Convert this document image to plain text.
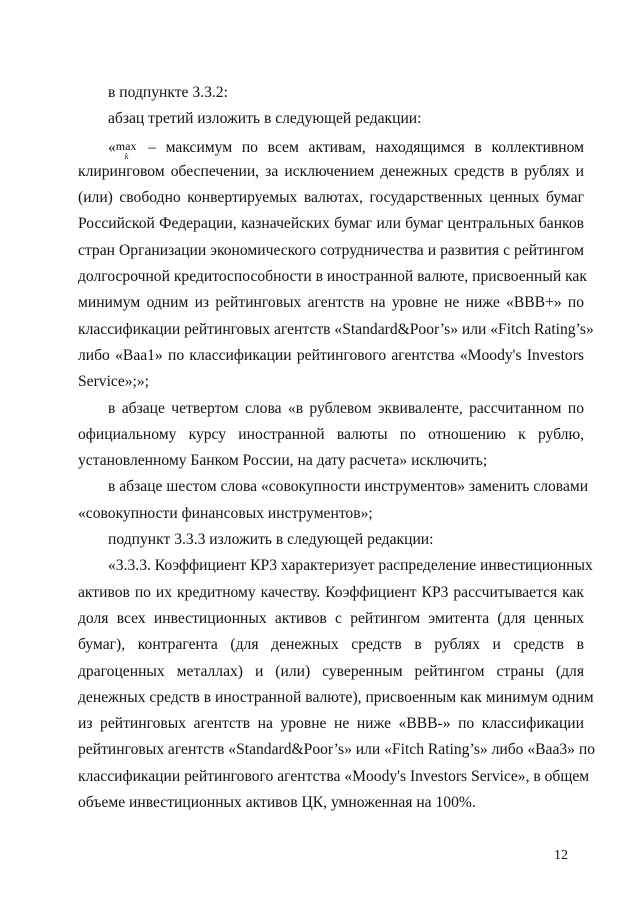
в подпункте 3.3.2:
абзац третий изложить в следующей редакции:
«max
k
– максимум по всем активам, находящимся в коллективном
клиринговом обеспечении, за исключением денежных средств в рублях и
(или) свободно конвертируемых валютах, государственных ценных бумаг
Российской Федерации, казначейских бумаг или бумаг центральных банков
стран Организации экономического сотрудничества и развития с рейтингом
долгосрочной кредитоспособности в иностранной валюте, присвоенный как
минимум одним из рейтинговых агентств на уровне не ниже «BBB+» по
классификации рейтинговых агентств «Standard&Poor’s» или «Fitch Rating’s»
либо «Baa1» по классификации рейтингового агентства «Moody's Investors
Service»;»;
в абзаце четвертом слова «в рублевом эквиваленте, рассчитанном по
официальному курсу иностранной валюты по отношению к рублю,
установленному Банком России, на дату расчета» исключить;
в абзаце шестом слова «совокупности инструментов» заменить словами
«совокупности финансовых инструментов»;
подпункт 3.3.3 изложить в следующей редакции:
«3.3.3. Коэффициент КР3 характеризует распределение инвестиционных
активов по их кредитному качеству. Коэффициент КР3 рассчитывается как
доля всех инвестиционных активов с рейтингом эмитента (для ценных
бумаг), контрагента (для денежных средств в рублях и средств в
драгоценных металлах) и (или) суверенным рейтингом страны (для
денежных средств в иностранной валюте), присвоенным как минимум одним
из рейтинговых агентств на уровне не ниже «BBB-» по классификации
рейтинговых агентств «Standard&Poor’s» или «Fitch Rating’s» либо «Baa3» по
классификации рейтингового агентства «Moody's Investors Service», в общем
объеме инвестиционных активов ЦК, умноженная на 100%.
12
